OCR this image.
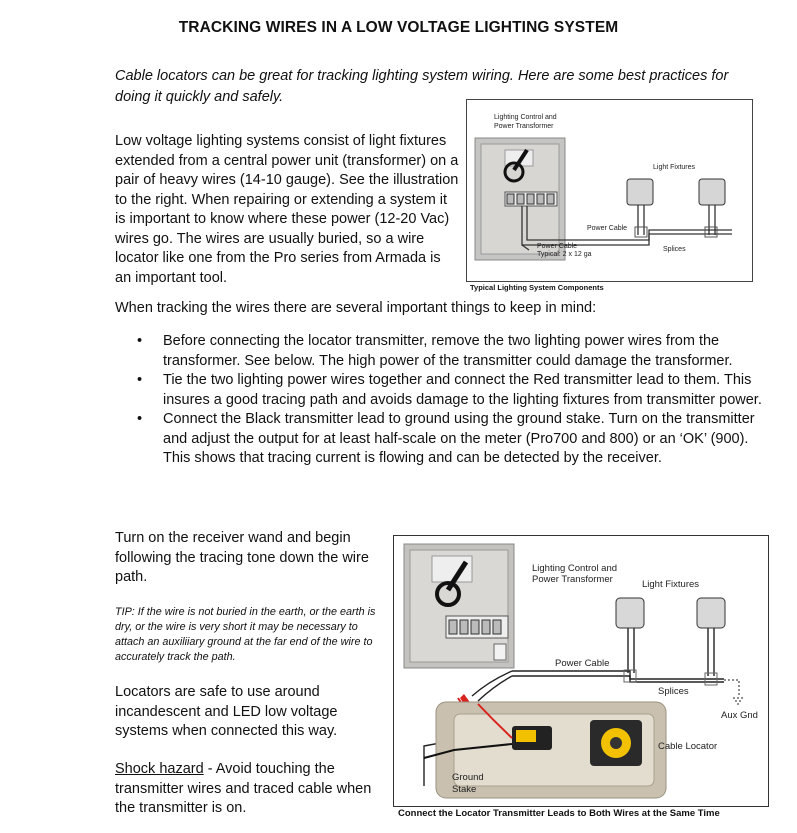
TRACKING WIRES IN A LOW VOLTAGE LIGHTING SYSTEM
Cable locators can be great for tracking lighting system wiring. Here are some best practices for doing it quickly and safely.
Low voltage lighting systems consist of light fixtures extended from a central power unit (transformer) on a pair of heavy wires (14-10 gauge). See the illustration to the right. When repairing or extending a system it is important to know where these power (12-20 Vac) wires go. The wires are usually buried, so a wire locator like one from the Pro series from Armada is an important tool.
Lighting Control and
Power Transformer
Light Fixtures
Power Cable
Power Cable
Typical: 2 x 12 ga
Splices
Typical Lighting System Components
When tracking the wires there are several important things to keep in mind:
• Before connecting the locator transmitter, remove the two lighting power wires from the transformer. See below. The high power of the transmitter could damage the transformer.
• Tie the two lighting power wires together and connect the Red transmitter lead to them. This insures a good tracing path and avoids damage to the lighting fixtures from transmitter power.
• Connect the Black transmitter lead to ground using the ground stake. Turn on the transmitter and adjust the output for at least half-scale on the meter (Pro700 and 800) or an ‘OK’ (900). This shows that tracing current is flowing and can be detected by the receiver.
Turn on the receiver wand and begin following the tracing tone down the wire path.
TIP: If the wire is not buried in the earth, or the earth is dry, or the wire is very short it may be necessary to attach an auxiliiary ground at the far end of the wire to accurately track the path.
Locators are safe to use around incandescent and LED low voltage systems when connected this way.
Shock hazard - Avoid touching the transmitter wires and traced cable when the transmitter is on.
Lighting Control and
Power Transformer	Light Fixtures
Power Cable
Splices
Aux Gnd
Cable Locator
Ground
Stake
Connect the Locator Transmitter Leads to Both Wires at the Same Time
